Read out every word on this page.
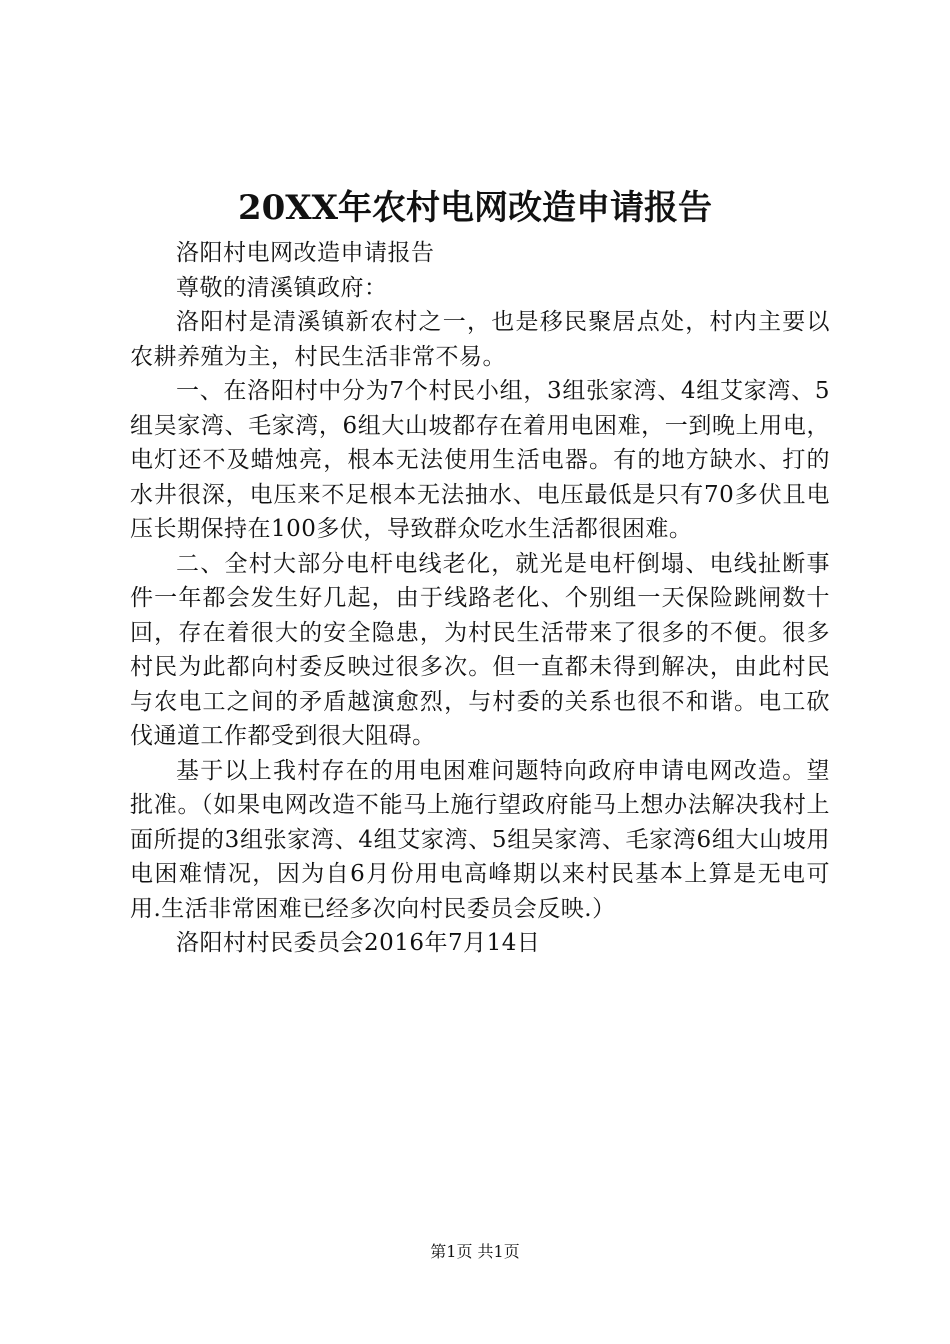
20XX年农村电网改造申请报告

洛阳村电网改造申请报告

尊敬的清溪镇政府：

洛阳村是清溪镇新农村之一，也是移民聚居点处，村内主要以农耕养殖为主，村民生活非常不易。

一、在洛阳村中分为7个村民小组，3组张家湾、4组艾家湾、5组吴家湾、毛家湾，6组大山坡都存在着用电困难，一到晚上用电，电灯还不及蜡烛亮，根本无法使用生活电器。有的地方缺水、打的水井很深，电压来不足根本无法抽水、电压最低是只有70多伏且电压长期保持在100多伏，导致群众吃水生活都很困难。

二、全村大部分电杆电线老化，就光是电杆倒塌、电线扯断事件一年都会发生好几起，由于线路老化、个别组一天保险跳闸数十回，存在着很大的安全隐患，为村民生活带来了很多的不便。很多村民为此都向村委反映过很多次。但一直都未得到解决，由此村民与农电工之间的矛盾越演愈烈，与村委的关系也很不和谐。电工砍伐通道工作都受到很大阻碍。

基于以上我村存在的用电困难问题特向政府申请电网改造。望批准。（如果电网改造不能马上施行望政府能马上想办法解决我村上面所提的3组张家湾、4组艾家湾、5组吴家湾、毛家湾6组大山坡用电困难情况，因为自6月份用电高峰期以来村民基本上算是无电可用.生活非常困难已经多次向村民委员会反映.）

洛阳村村民委员会2016年7月14日

第1页 共1页
